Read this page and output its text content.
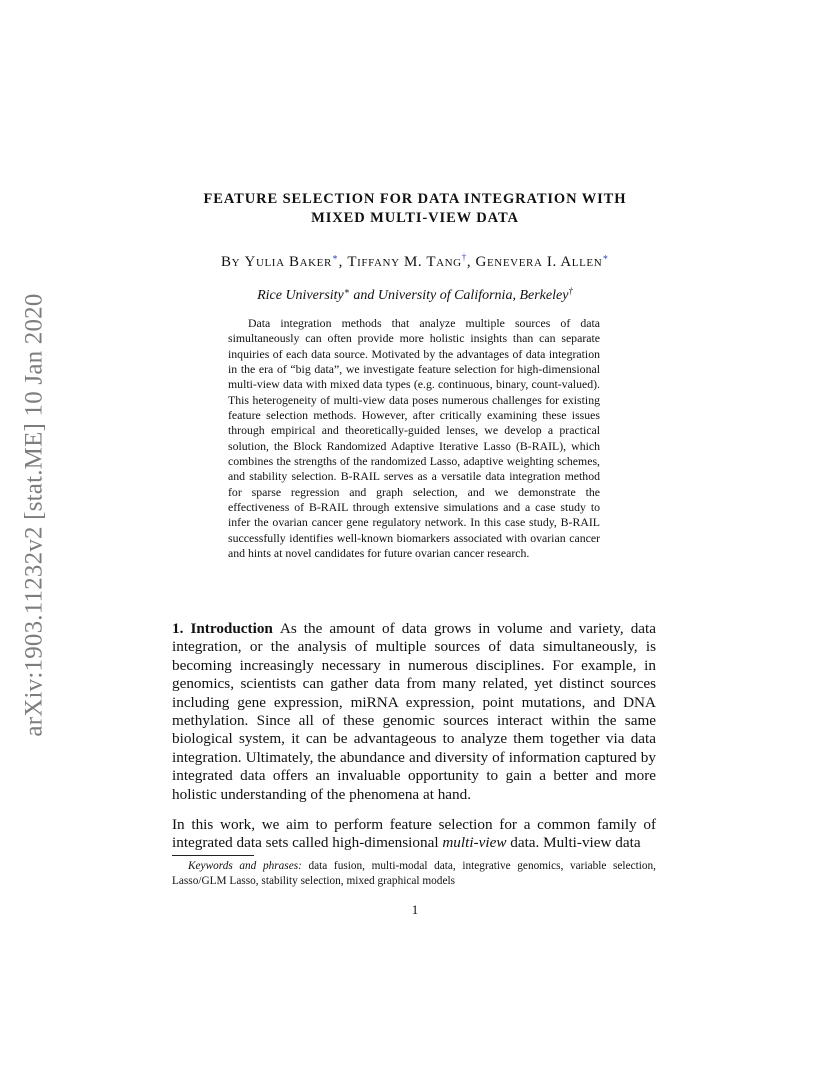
arXiv:1903.11232v2 [stat.ME] 10 Jan 2020
FEATURE SELECTION FOR DATA INTEGRATION WITH
MIXED MULTI-VIEW DATA
By Yulia Baker∗, Tiffany M. Tang†, Genevera I. Allen∗
Rice University∗ and University of California, Berkeley†

Data integration methods that analyze multiple sources of data simultaneously can often provide more holistic insights than can separate inquiries of each data source. Motivated by the advantages of data integration in the era of “big data”, we investigate feature selection for high-dimensional multi-view data with mixed data types (e.g. continuous, binary, count-valued). This heterogeneity of multi-view data poses numerous challenges for existing feature selection methods. However, after critically examining these issues through empirical and theoretically-guided lenses, we develop a practical solution, the Block Randomized Adaptive Iterative Lasso (B-RAIL), which combines the strengths of the randomized Lasso, adaptive weighting schemes, and stability selection. B-RAIL serves as a versatile data integration method for sparse regression and graph selection, and we demonstrate the effectiveness of B-RAIL through extensive simulations and a case study to infer the ovarian cancer gene regulatory network. In this case study, B-RAIL successfully identifies well-known biomarkers associated with ovarian cancer and hints at novel candidates for future ovarian cancer research.

1. Introduction As the amount of data grows in volume and variety, data integration, or the analysis of multiple sources of data simultaneously, is becoming increasingly necessary in numerous disciplines. For example, in genomics, scientists can gather data from many related, yet distinct sources including gene expression, miRNA expression, point mutations, and DNA methylation. Since all of these genomic sources interact within the same biological system, it can be advantageous to analyze them together via data integration. Ultimately, the abundance and diversity of information captured by integrated data offers an invaluable opportunity to gain a better and more holistic understanding of the phenomena at hand.

In this work, we aim to perform feature selection for a common family of integrated data sets called high-dimensional multi-view data. Multi-view data

Keywords and phrases: data fusion, multi-modal data, integrative genomics, variable selection, Lasso/GLM Lasso, stability selection, mixed graphical models

1
